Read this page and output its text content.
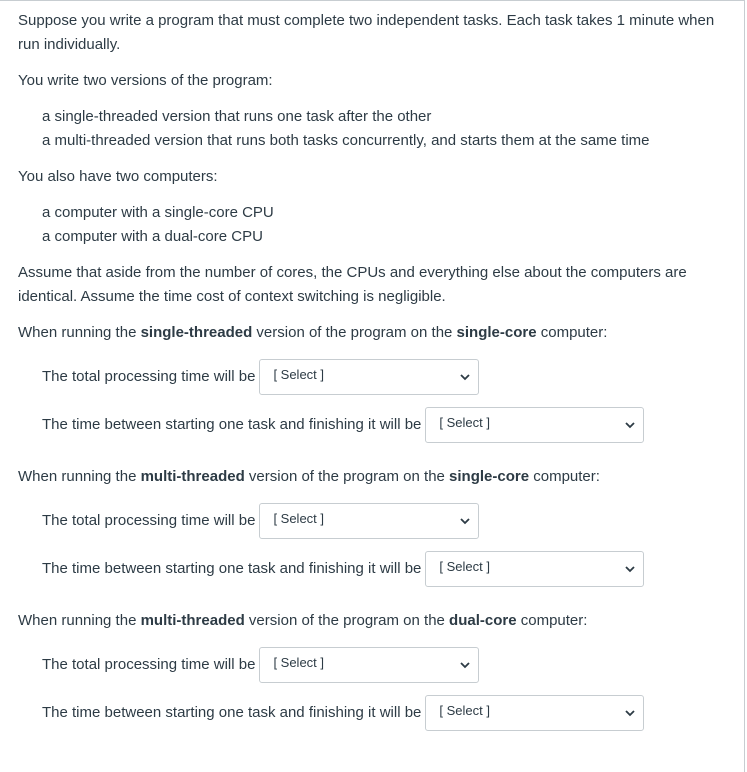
Suppose you write a program that must complete two independent tasks. Each task takes 1 minute when run individually.

You write two versions of the program:

a single-threaded version that runs one task after the other
a multi-threaded version that runs both tasks concurrently, and starts them at the same time

You also have two computers:

a computer with a single-core CPU
a computer with a dual-core CPU

Assume that aside from the number of cores, the CPUs and everything else about the computers are identical. Assume the time cost of context switching is negligible.

When running the single-threaded version of the program on the single-core computer:

The total processing time will be [ Select ]
The time between starting one task and finishing it will be [ Select ]

When running the multi-threaded version of the program on the single-core computer:

The total processing time will be [ Select ]
The time between starting one task and finishing it will be [ Select ]

When running the multi-threaded version of the program on the dual-core computer:

The total processing time will be [ Select ]
The time between starting one task and finishing it will be [ Select ]
